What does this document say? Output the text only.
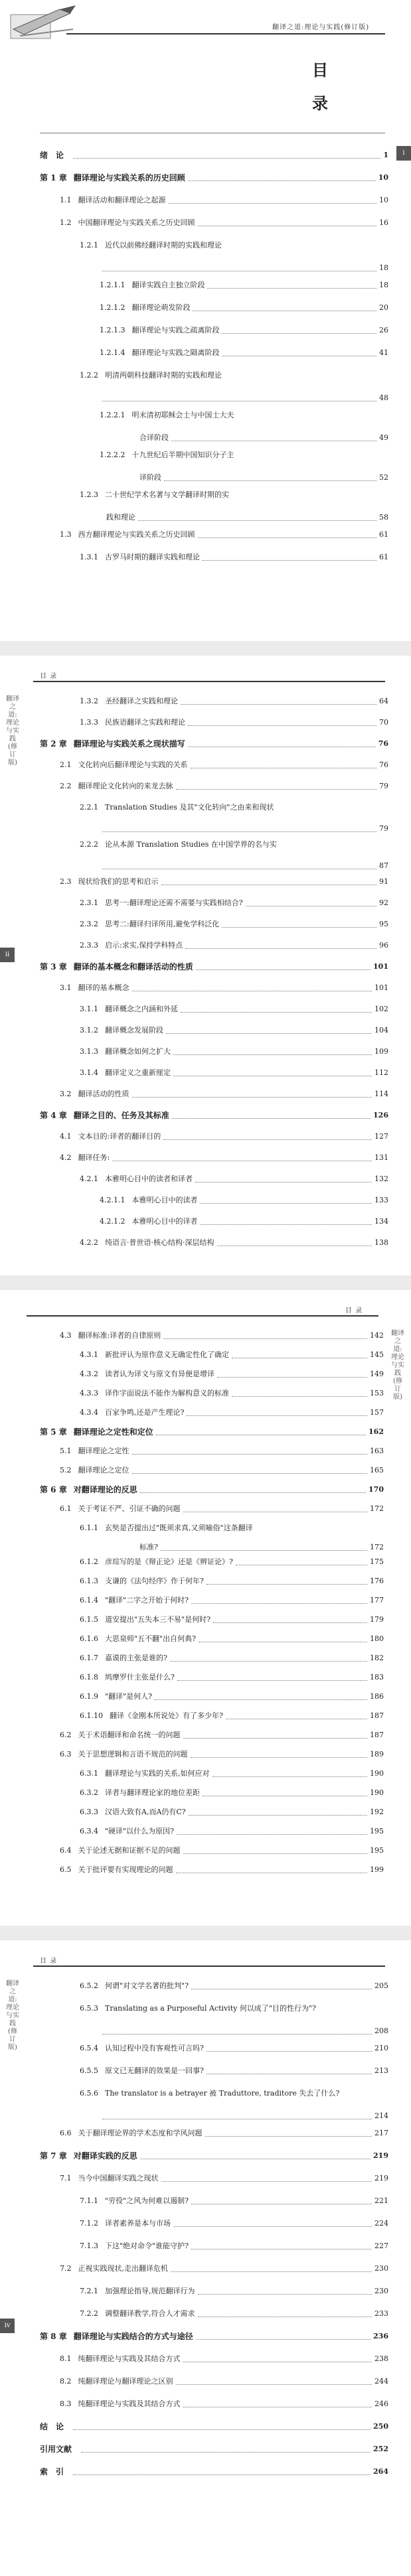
翻译之道:理论与实践(修订版)
i
目
录
绪　论	1
第 1 章 翻译理论与实践关系的历史回顾	10
1.1 翻译活动和翻译理论之起源	10
1.2 中国翻译理论与实践关系之历史回顾	16
1.2.1 近代以前佛经翻译时期的实践和理论
18
1.2.1.1 翻译实践自主独立阶段	18
1.2.1.2 翻译理论萌发阶段	20
1.2.1.3 翻译理论与实践之疏离阶段	26
1.2.1.4 翻译理论与实践之隔离阶段	41
1.2.2 明清两朝科技翻译时期的实践和理论
48
1.2.2.1 明末清初耶稣会士与中国士大夫
合译阶段	49
1.2.2.2 十九世纪后半期中国知识分子主
译阶段	52
1.2.3 二十世纪学术名著与文学翻译时期的实
践和理论	58
1.3 西方翻译理论与实践关系之历史回顾	61
1.3.1 古罗马时期的翻译实践和理论	61
目 录
翻译之道: 理论与实践(修订版)
ii
1.3.2 圣经翻译之实践和理论	64
1.3.3 民族语翻译之实践和理论	70
第 2 章 翻译理论与实践关系之现状描写	76
2.1 文化转向后翻译理论与实践的关系	76
2.2 翻译理论文化转向的来龙去脉	79
2.2.1 Translation Studies 及其"文化转向"之由来和现状
79
2.2.2 论从本源 Translation Studies 在中国学界的名与实
87
2.3 现状给我们的思考和启示	91
2.3.1 思考一:翻译理论还需不需要与实践相结合?	92
2.3.2 思考二:翻译归译所用,避免学科泛化	95
2.3.3 启示:求实,保持学科特点	96
第 3 章 翻译的基本概念和翻译活动的性质	101
3.1 翻译的基本概念	101
3.1.1 翻译概念之内涵和外延	102
3.1.2 翻译概念发展阶段	104
3.1.3 翻译概念如何之扩大	109
3.1.4 翻译定义之重新厘定	112
3.2 翻译活动的性质	114
第 4 章 翻译之目的、任务及其标准	126
4.1 文本目的:译者的翻译目的	127
4.2 翻译任务:	131
4.2.1 本雅明心目中的读者和译者	132
4.2.1.1 本雅明心目中的读者	133
4.2.1.2 本雅明心目中的译者	134
4.2.2 纯语言·普世语·核心结构·深层结构	138
目 录
翻译之道: 理论与实践(修订版)
4.3 翻译标准:译者的自律原则	142
4.3.1 新批评认为原作意义无确定性化了确定	145
4.3.2 读者认为译文与原文有异便是增译	149
4.3.3 译作字面说法不能作为解构意义的标准	153
4.3.4 百家争鸣,还是产生理论?	157
第 5 章 翻译理论之定性和定位	162
5.1 翻译理论之定性	163
5.2 翻译理论之定位	165
第 6 章 对翻译理论的反思	170
6.1 关于考证不严、引证不确的问题	172
6.1.1 玄奘是否提出过"既须求真,又须喻俗"这条翻译
标准?	172
6.1.2 彦琮写的是《辩正论》还是《辨证论》?	175
6.1.3 支谦的《法句经序》作于何年?	176
6.1.4 "翻译"二字之开始于何时?	177
6.1.5 道安提出"五失本三不易"是何时?	179
6.1.6 大思泉师"五不翻"出自何典?	180
6.1.7 嘉谟的主张是谁的?	182
6.1.8 鸠摩罗什主张是什么?	183
6.1.9 "翻译"是何人?	186
6.1.10 翻译《金刚本所说处》有了多少年?	187
6.2 关于术语翻译和命名统一的问题	187
6.3 关于思想逻辑和言语不规范的问题	189
6.3.1 翻译理论与实践的关系,如何应对	190
6.3.2 译者与翻译理论家的地位差距	190
6.3.3 汉语大致有A,而A仍有C?	192
6.3.4 "硬译"以什么为原因?	195
6.4 关于论述无据和证据不足的问题	195
6.5 关于批评要有实现理论的问题	199
目 录
翻译之道: 理论与实践(修订版)
iv
6.5.2 何谓"对文学名著的批判"?	205
6.5.3 Translating as a Purposeful Activity 何以成了"目的性行为"?
208
6.5.4 认知过程中没有客观性可言吗?	210
6.5.5 原文已无翻译的效果是一回事?	213
6.5.6 The translator is a betrayer 被 Traduttore, traditore 失去了什么?
214
6.6 关于翻译理论界的学术态度和学风问题	217
第 7 章 对翻译实践的反思	219
7.1 当今中国翻译实践之现状	219
7.1.1 "劳役"之风为何难以遏制?	221
7.1.2 译者素养是本与市场	224
7.1.3 下这"绝对命令"谁能守护?	227
7.2 正视实践现状,走出翻译危机	230
7.2.1 加强理论指导,规范翻译行为	230
7.2.2 调整翻译教学,符合人才需求	233
第 8 章 翻译理论与实践结合的方式与途径	236
8.1 纯翻译理论与实践及其结合方式	238
8.2 纯翻译理论与翻译理论之区别	244
8.3 纯翻译理论与实践及其结合方式	246
结　论	250
引用文献	252
索　引	264
